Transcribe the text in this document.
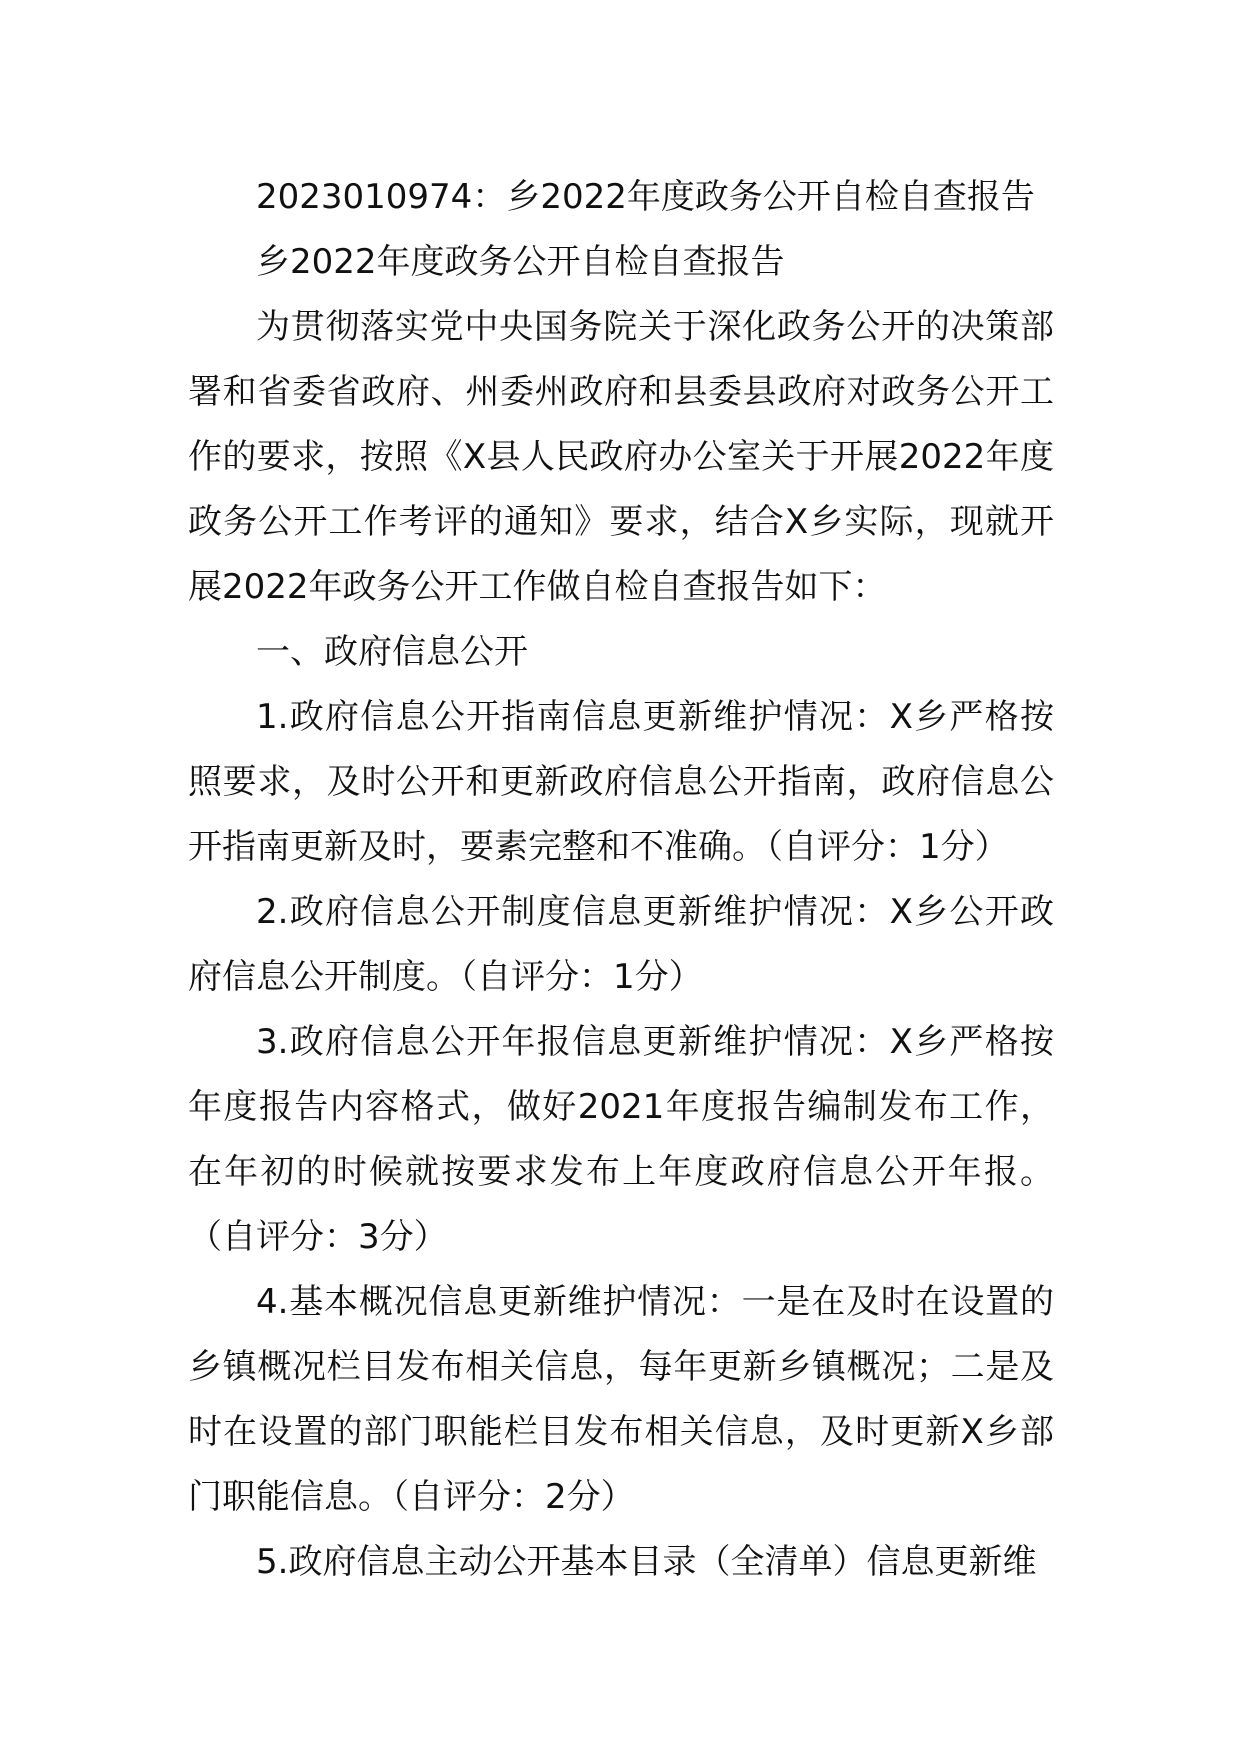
2023010974：乡2022年度政务公开自检自查报告

乡2022年度政务公开自检自查报告

为贯彻落实党中央国务院关于深化政务公开的决策部署和省委省政府、州委州政府和县委县政府对政务公开工作的要求，按照《X县人民政府办公室关于开展2022年度政务公开工作考评的通知》要求，结合X乡实际，现就开展2022年政务公开工作做自检自查报告如下：

一、政府信息公开

1.政府信息公开指南信息更新维护情况：X乡严格按照要求，及时公开和更新政府信息公开指南，政府信息公开指南更新及时，要素完整和不准确。（自评分：1分）

2.政府信息公开制度信息更新维护情况：X乡公开政府信息公开制度。（自评分：1分）

3.政府信息公开年报信息更新维护情况：X乡严格按年度报告内容格式，做好2021年度报告编制发布工作，在年初的时候就按要求发布上年度政府信息公开年报。（自评分：3分）

4.基本概况信息更新维护情况：一是在及时在设置的乡镇概况栏目发布相关信息，每年更新乡镇概况；二是及时在设置的部门职能栏目发布相关信息，及时更新X乡部门职能信息。（自评分：2分）

5.政府信息主动公开基本目录（全清单）信息更新维
